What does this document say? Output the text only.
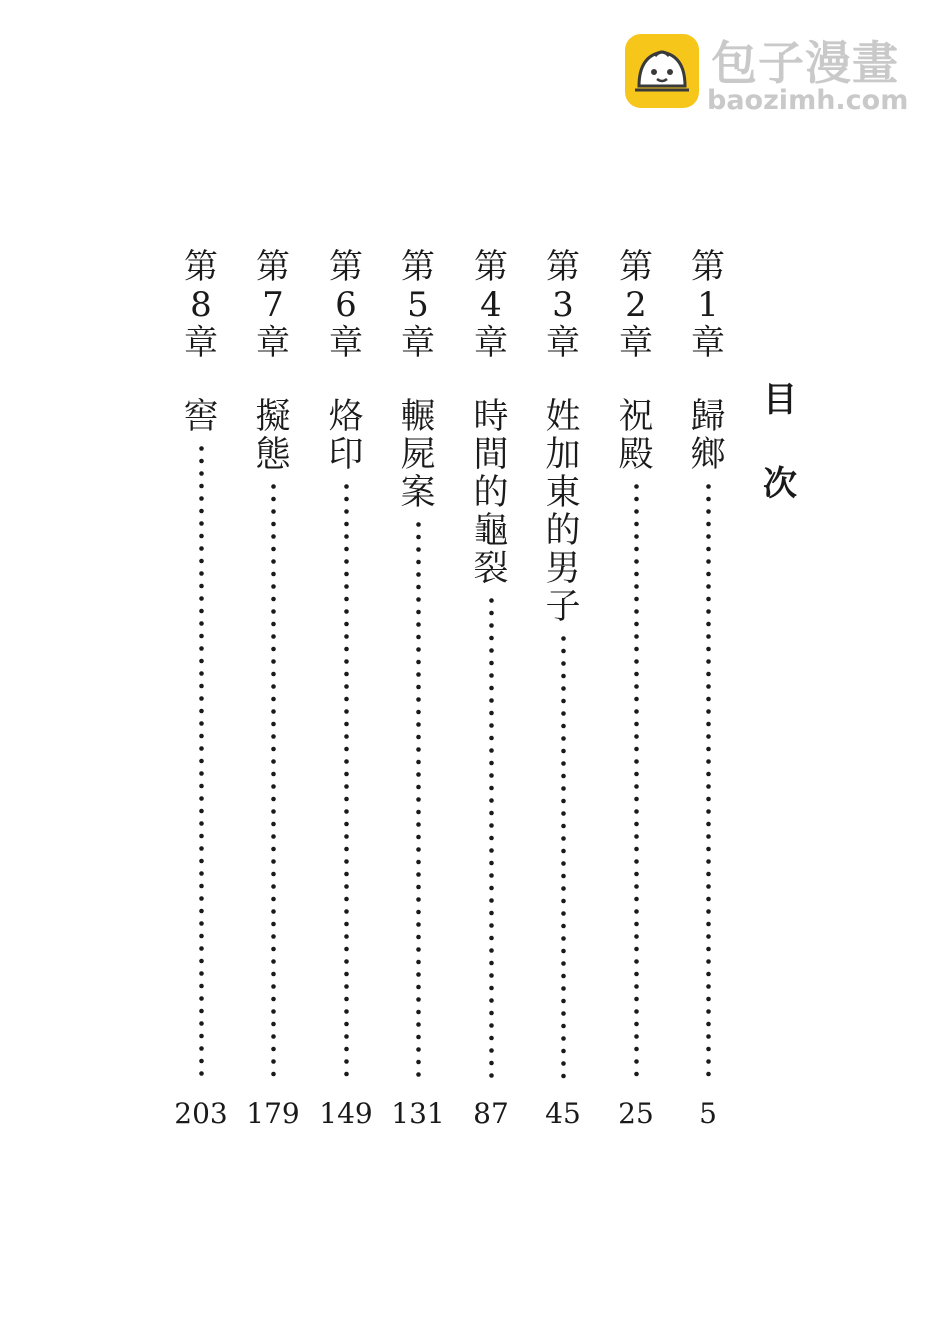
包子漫畫
baozimh.com
目
次
第
1
章
歸
鄉
5
第
2
章
祝
殿
25
第
3
章
姓
加
東
的
男
子
45
第
4
章
時
間
的
龜
裂
87
第
5
章
輾
屍
案
131
第
6
章
烙
印
149
第
7
章
擬
態
179
第
8
章
窖
203
